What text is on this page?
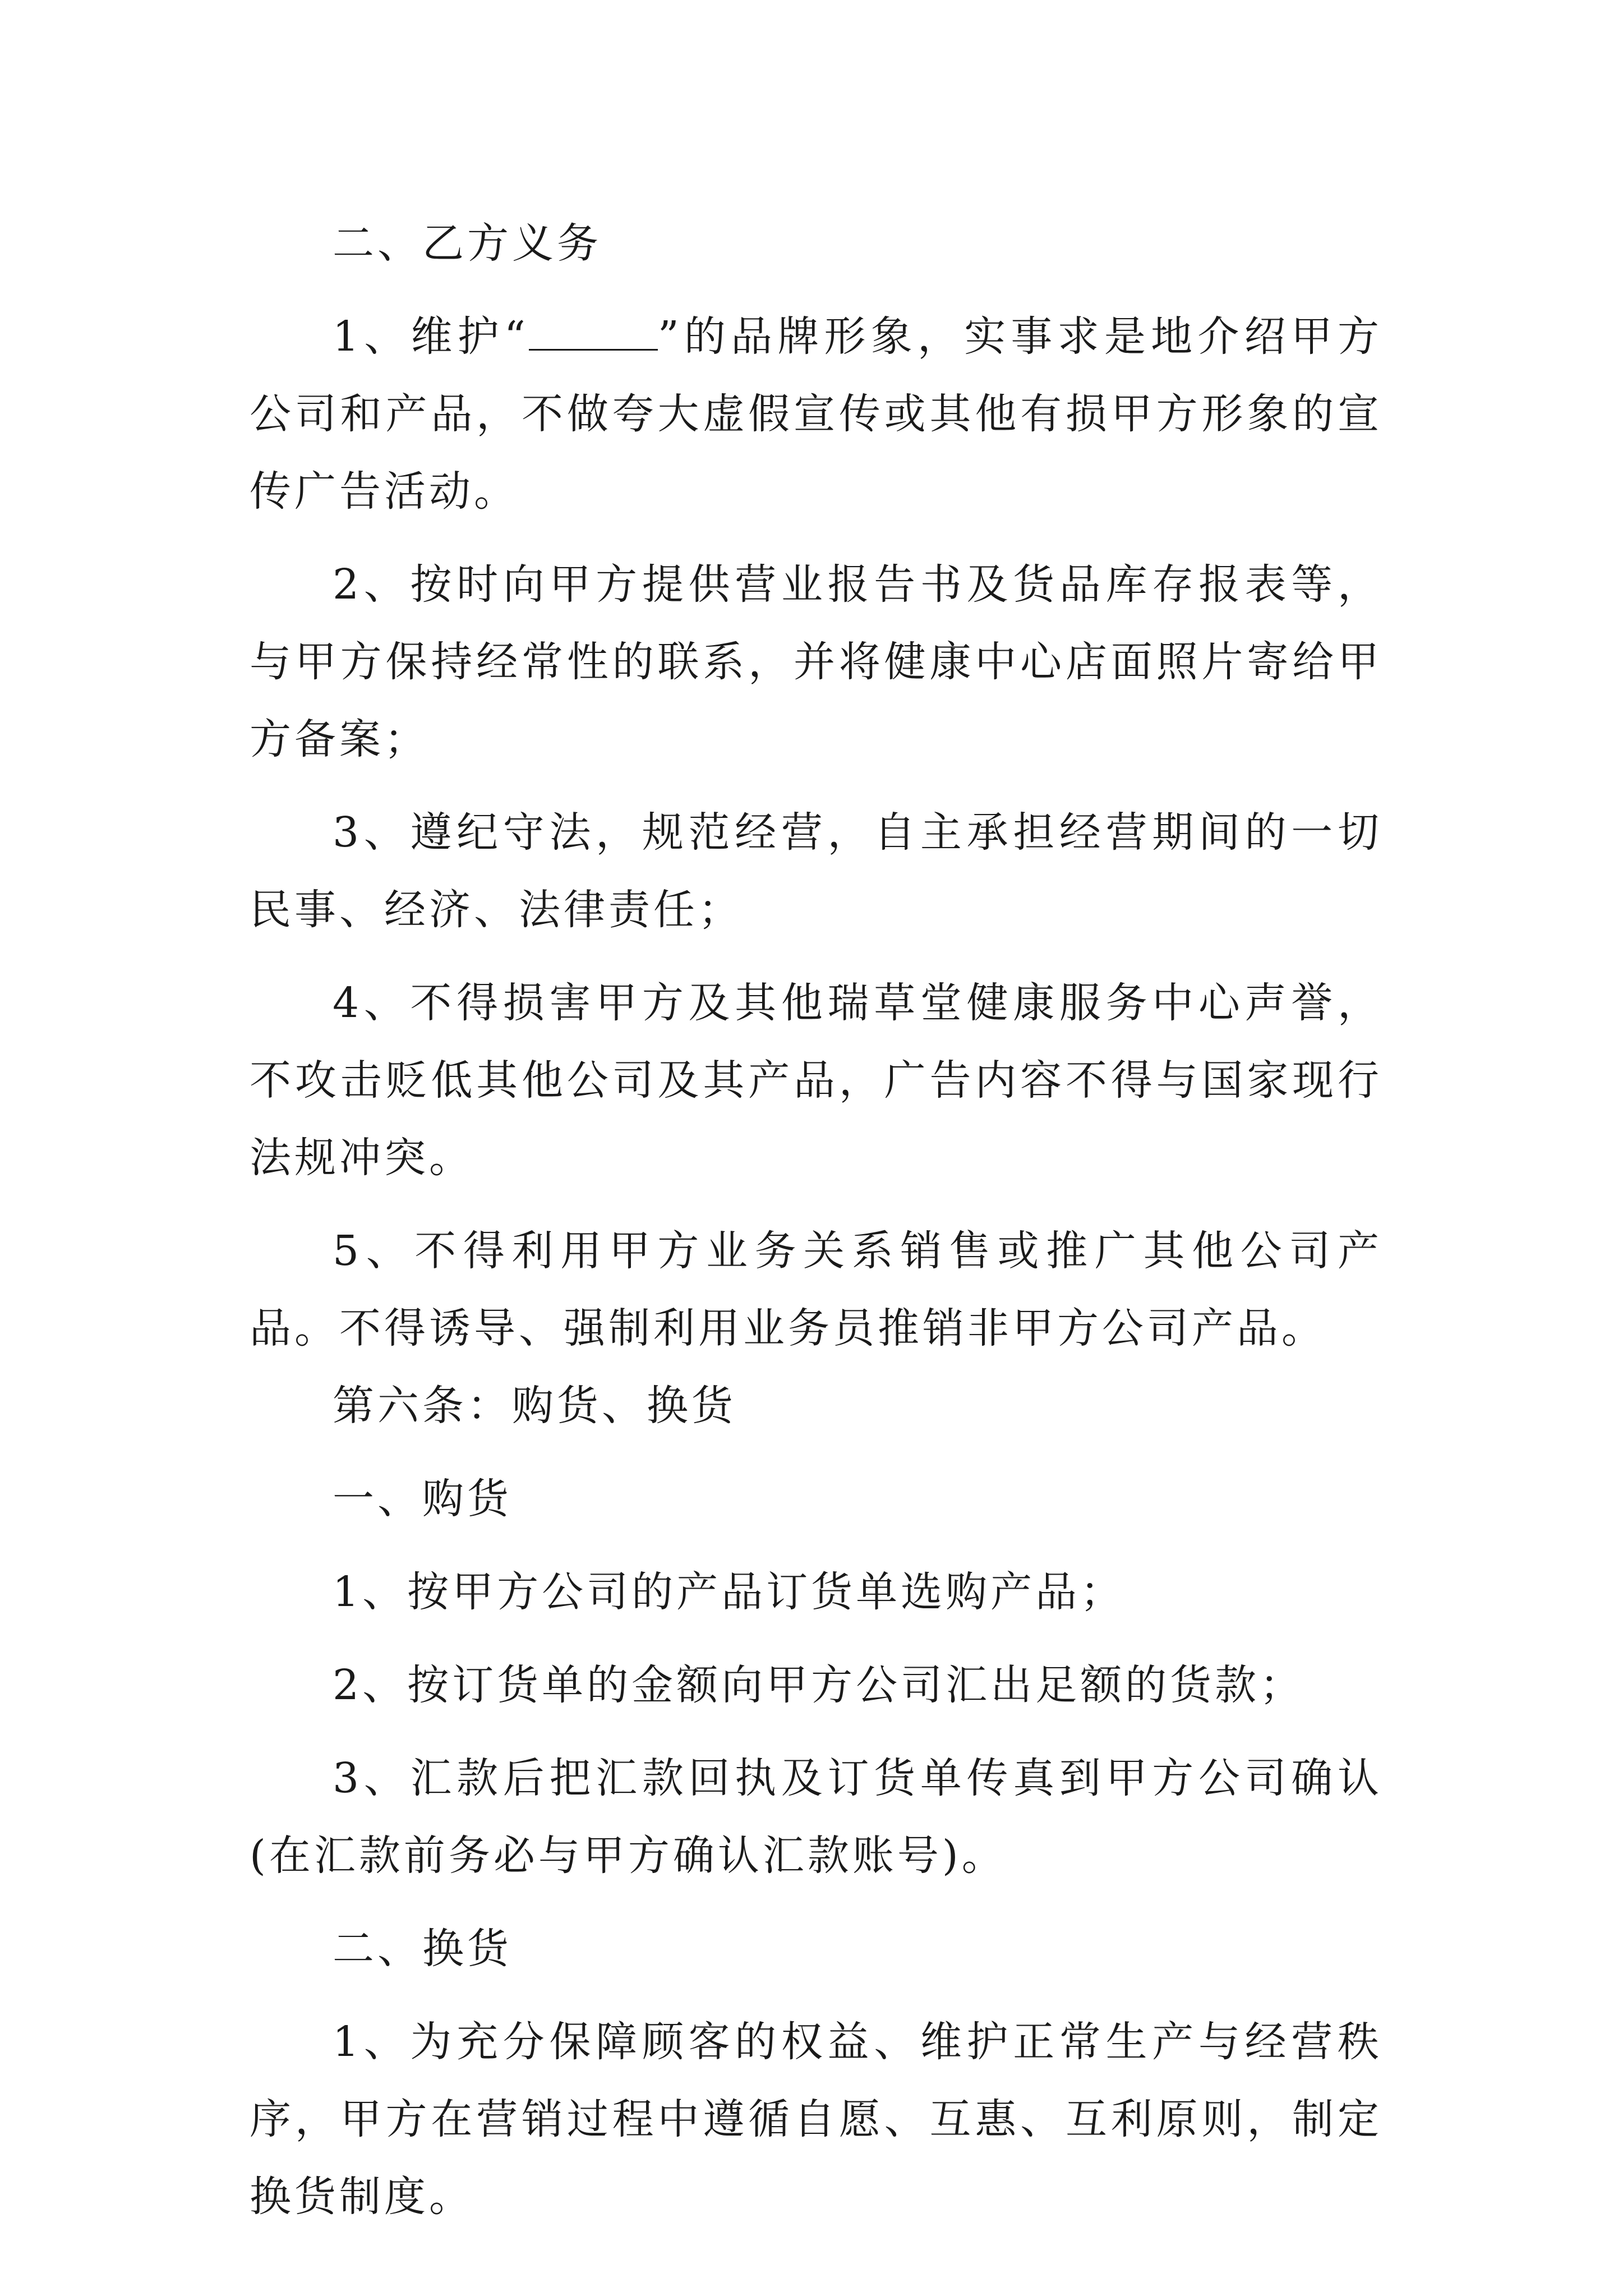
二、乙方义务

1、维护“	”的品牌形象，实事求是地介绍甲方公司和产品，不做夸大虚假宣传或其他有损甲方形象的宣传广告活动。

2、按时向甲方提供营业报告书及货品库存报表等，与甲方保持经常性的联系，并将健康中心店面照片寄给甲方备案；

3、遵纪守法，规范经营，自主承担经营期间的一切民事、经济、法律责任；

4、不得损害甲方及其他瑞草堂健康服务中心声誉，不攻击贬低其他公司及其产品，广告内容不得与国家现行法规冲突。

5、不得利用甲方业务关系销售或推广其他公司产品。不得诱导、强制利用业务员推销非甲方公司产品。

第六条：购货、换货

一、购货

1、按甲方公司的产品订货单选购产品；

2、按订货单的金额向甲方公司汇出足额的货款；

3、汇款后把汇款回执及订货单传真到甲方公司确认(在汇款前务必与甲方确认汇款账号)。

二、换货

1、为充分保障顾客的权益、维护正常生产与经营秩序，甲方在营销过程中遵循自愿、互惠、互利原则，制定换货制度。
